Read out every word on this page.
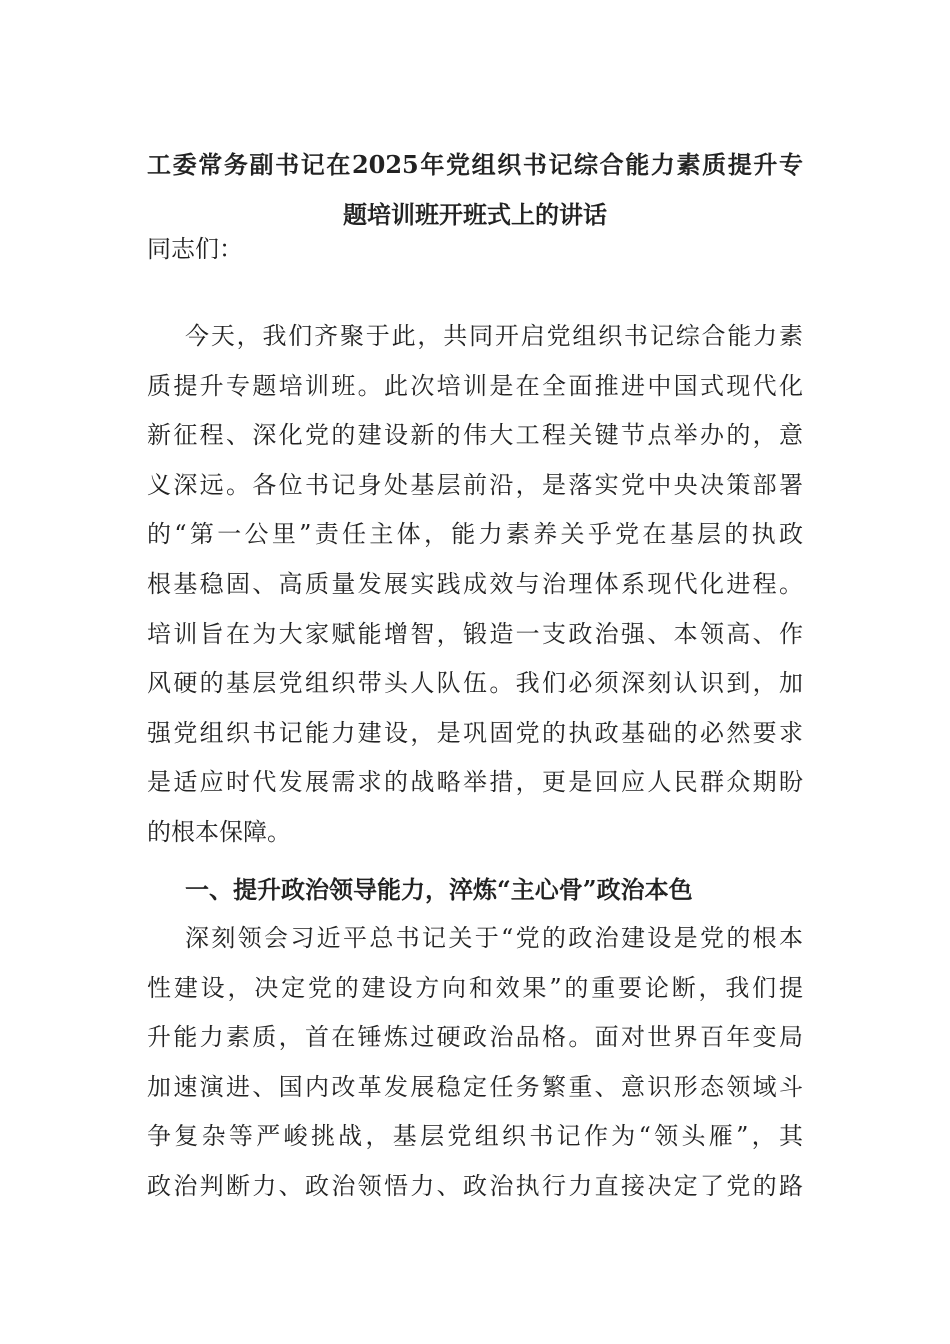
工委常务副书记在2025年党组织书记综合能力素质提升专
题培训班开班式上的讲话
同志们：
今天，我们齐聚于此，共同开启党组织书记综合能力素
质提升专题培训班。此次培训是在全面推进中国式现代化
新征程、深化党的建设新的伟大工程关键节点举办的，意
义深远。各位书记身处基层前沿，是落实党中央决策部署
的“第一公里”责任主体，能力素养关乎党在基层的执政
根基稳固、高质量发展实践成效与治理体系现代化进程。
培训旨在为大家赋能增智，锻造一支政治强、本领高、作
风硬的基层党组织带头人队伍。我们必须深刻认识到，加
强党组织书记能力建设，是巩固党的执政基础的必然要求
是适应时代发展需求的战略举措，更是回应人民群众期盼
的根本保障。
一、提升政治领导能力，淬炼“主心骨”政治本色
深刻领会习近平总书记关于“党的政治建设是党的根本
性建设，决定党的建设方向和效果”的重要论断，我们提
升能力素质，首在锤炼过硬政治品格。面对世界百年变局
加速演进、国内改革发展稳定任务繁重、意识形态领域斗
争复杂等严峻挑战，基层党组织书记作为“领头雁”，其
政治判断力、政治领悟力、政治执行力直接决定了党的路
